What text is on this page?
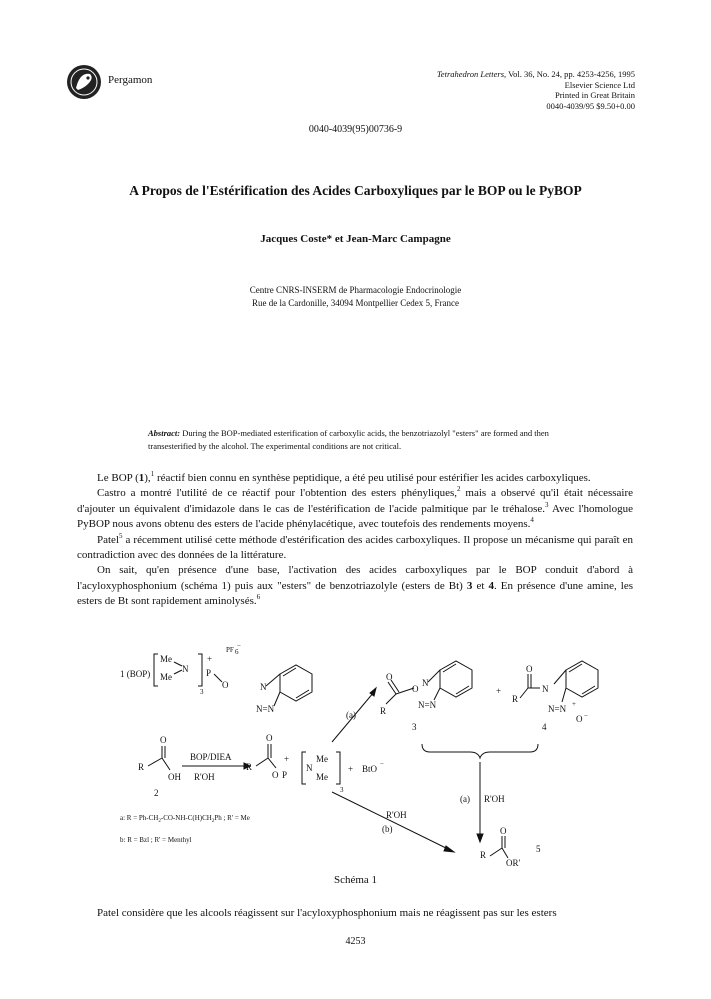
Pergamon	Tetrahedron Letters, Vol. 36, No. 24, pp. 4253-4256, 1995
Elsevier Science Ltd
Printed in Great Britain
0040-4039/95 $9.50+0.00
0040-4039(95)00736-9
A Propos de l'Estérification des Acides Carboxyliques par le BOP ou le PyBOP
Jacques Coste* et Jean-Marc Campagne
Centre CNRS-INSERM de Pharmacologie Endocrinologie
Rue de la Cardonille, 34094 Montpellier Cedex 5, France
Abstract: During the BOP-mediated esterification of carboxylic acids, the benzotriazolyl "esters" are formed and then transesterified by the alcohol. The experimental conditions are not critical.

Le BOP (1),$^1$ réactif bien connu en synthèse peptidique, a été peu utilisé pour estérifier les acides carboxyliques.

Castro a montré l'utilité de ce réactif pour l'obtention des esters phényliques,$^2$ mais a observé qu'il était nécessaire d'ajouter un équivalent d'imidazole dans le cas de l'estérification de l'acide palmitique par le tréhalose.$^3$ Avec l'homologue PyBOP nous avons obtenu des esters de l'acide phénylacétique, avec toutefois des rendements moyens.$^4$

Patel$^5$ a récemment utilisé cette méthode d'estérification des acides carboxyliques. Il propose un mécanisme qui paraît en contradiction avec des données de la littérature.

On sait, qu'en présence d'une base, l'activation des acides carboxyliques par le BOP conduit d'abord à l'acyloxyphosphonium (schéma 1) puis aux "esters" de benzotriazolyle (esters de Bt) 3 et 4. En présence d'une amine, les esters de Bt sont rapidement aminolysés.$^6$

1 (BOP)
Me
Me
N P
+
3
PF 6
−
O	N
N=N
R
O
OH
2
BOP/DIEA
R'OH
R
O
O P
+
N
Me
Me
3
+ BtO −
(a)
O
R
O
N
N=N
3
+
R
O
N
N=N +
O −
4
(a) R'OH
R'OH
(b)
R
O
OR'
5
a: $R = Ph-CH_2-CO-NH-C(H)CH_2Ph$ ; R' = Me
b: R = Bzl ; R' = Menthyl
Schéma 1
Patel considère que les alcools réagissent sur l'acyloxyphosphonium mais ne réagissent pas sur les esters
4253
